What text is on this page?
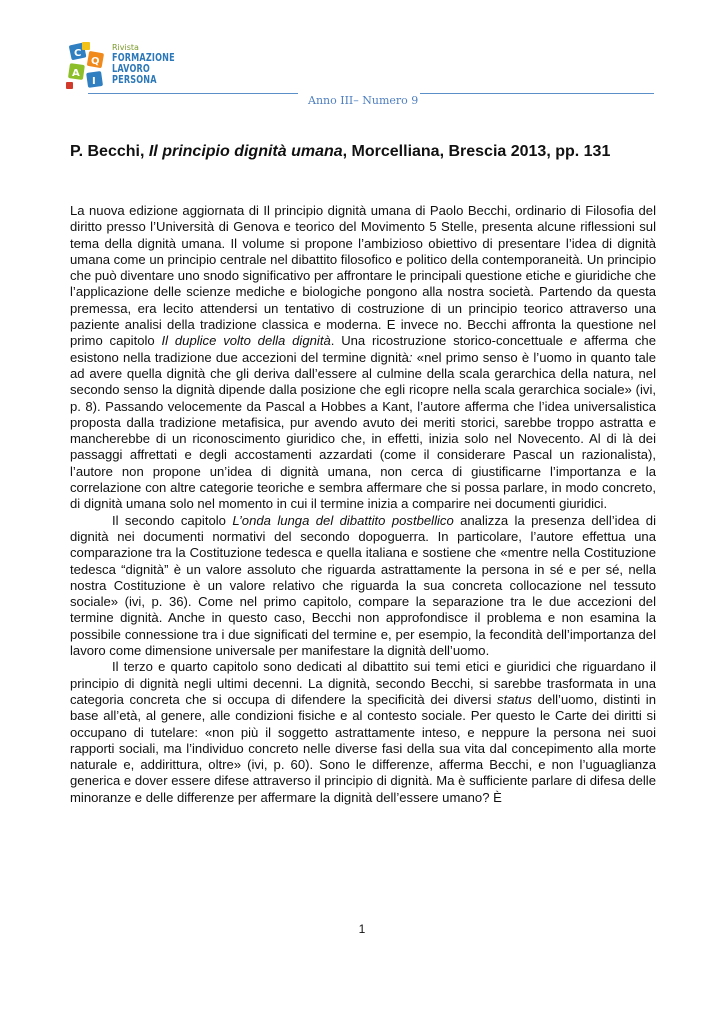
C
Q
A
I
Rivista
FORMAZIONE
LAVORO
PERSONA
Anno III– Numero 9
P. Becchi, Il principio dignità umana, Morcelliana, Brescia 2013, pp. 131

La nuova edizione aggiornata di Il principio dignità umana di Paolo Becchi, ordinario di Filosofia del diritto presso l’Università di Genova e teorico del Movimento 5 Stelle, presenta alcune riflessioni sul tema della dignità umana. Il volume si propone l’ambizioso obiettivo di presentare l’idea di dignità umana come un principio centrale nel dibattito filosofico e politico della contemporaneità. Un principio che può diventare uno snodo significativo per affrontare le principali questione etiche e giuridiche che l’applicazione delle scienze mediche e biologiche pongono alla nostra società. Partendo da questa premessa, era lecito attendersi un tentativo di costruzione di un principio teorico attraverso una paziente analisi della tradizione classica e moderna. E invece no. Becchi affronta la questione nel primo capitolo Il duplice volto della dignità. Una ricostruzione storico-concettuale e afferma che esistono nella tradizione due accezioni del termine dignità: «nel primo senso è l’uomo in quanto tale ad avere quella dignità che gli deriva dall’essere al culmine della scala gerarchica della natura, nel secondo senso la dignità dipende dalla posizione che egli ricopre nella scala gerarchica sociale» (ivi, p. 8). Passando velocemente da Pascal a Hobbes a Kant, l’autore afferma che l’idea universalistica proposta dalla tradizione metafisica, pur avendo avuto dei meriti storici, sarebbe troppo astratta e mancherebbe di un riconoscimento giuridico che, in effetti, inizia solo nel Novecento. Al di là dei passaggi affrettati e degli accostamenti azzardati (come il considerare Pascal un razionalista), l’autore non propone un’idea di dignità umana, non cerca di giustificarne l’importanza e la correlazione con altre categorie teoriche e sembra affermare che si possa parlare, in modo concreto, di dignità umana solo nel momento in cui il termine inizia a comparire nei documenti giuridici.

Il secondo capitolo L’onda lunga del dibattito postbellico analizza la presenza dell’idea di dignità nei documenti normativi del secondo dopoguerra. In particolare, l’autore effettua una comparazione tra la Costituzione tedesca e quella italiana e sostiene che «mentre nella Costituzione tedesca “dignità” è un valore assoluto che riguarda astrattamente la persona in sé e per sé, nella nostra Costituzione è un valore relativo che riguarda la sua concreta collocazione nel tessuto sociale» (ivi, p. 36). Come nel primo capitolo, compare la separazione tra le due accezioni del termine dignità. Anche in questo caso, Becchi non approfondisce il problema e non esamina la possibile connessione tra i due significati del termine e, per esempio, la fecondità dell’importanza del lavoro come dimensione universale per manifestare la dignità dell’uomo.

Il terzo e quarto capitolo sono dedicati al dibattito sui temi etici e giuridici che riguardano il principio di dignità negli ultimi decenni. La dignità, secondo Becchi, si sarebbe trasformata in una categoria concreta che si occupa di difendere la specificità dei diversi status dell’uomo, distinti in base all’età, al genere, alle condizioni fisiche e al contesto sociale. Per questo le Carte dei diritti si occupano di tutelare: «non più il soggetto astrattamente inteso, e neppure la persona nei suoi rapporti sociali, ma l’individuo concreto nelle diverse fasi della sua vita dal concepimento alla morte naturale e, addirittura, oltre» (ivi, p. 60). Sono le differenze, afferma Becchi, e non l’uguaglianza generica e dover essere difese attraverso il principio di dignità. Ma è sufficiente parlare di difesa delle minoranze e delle differenze per affermare la dignità dell’essere umano? È

1
